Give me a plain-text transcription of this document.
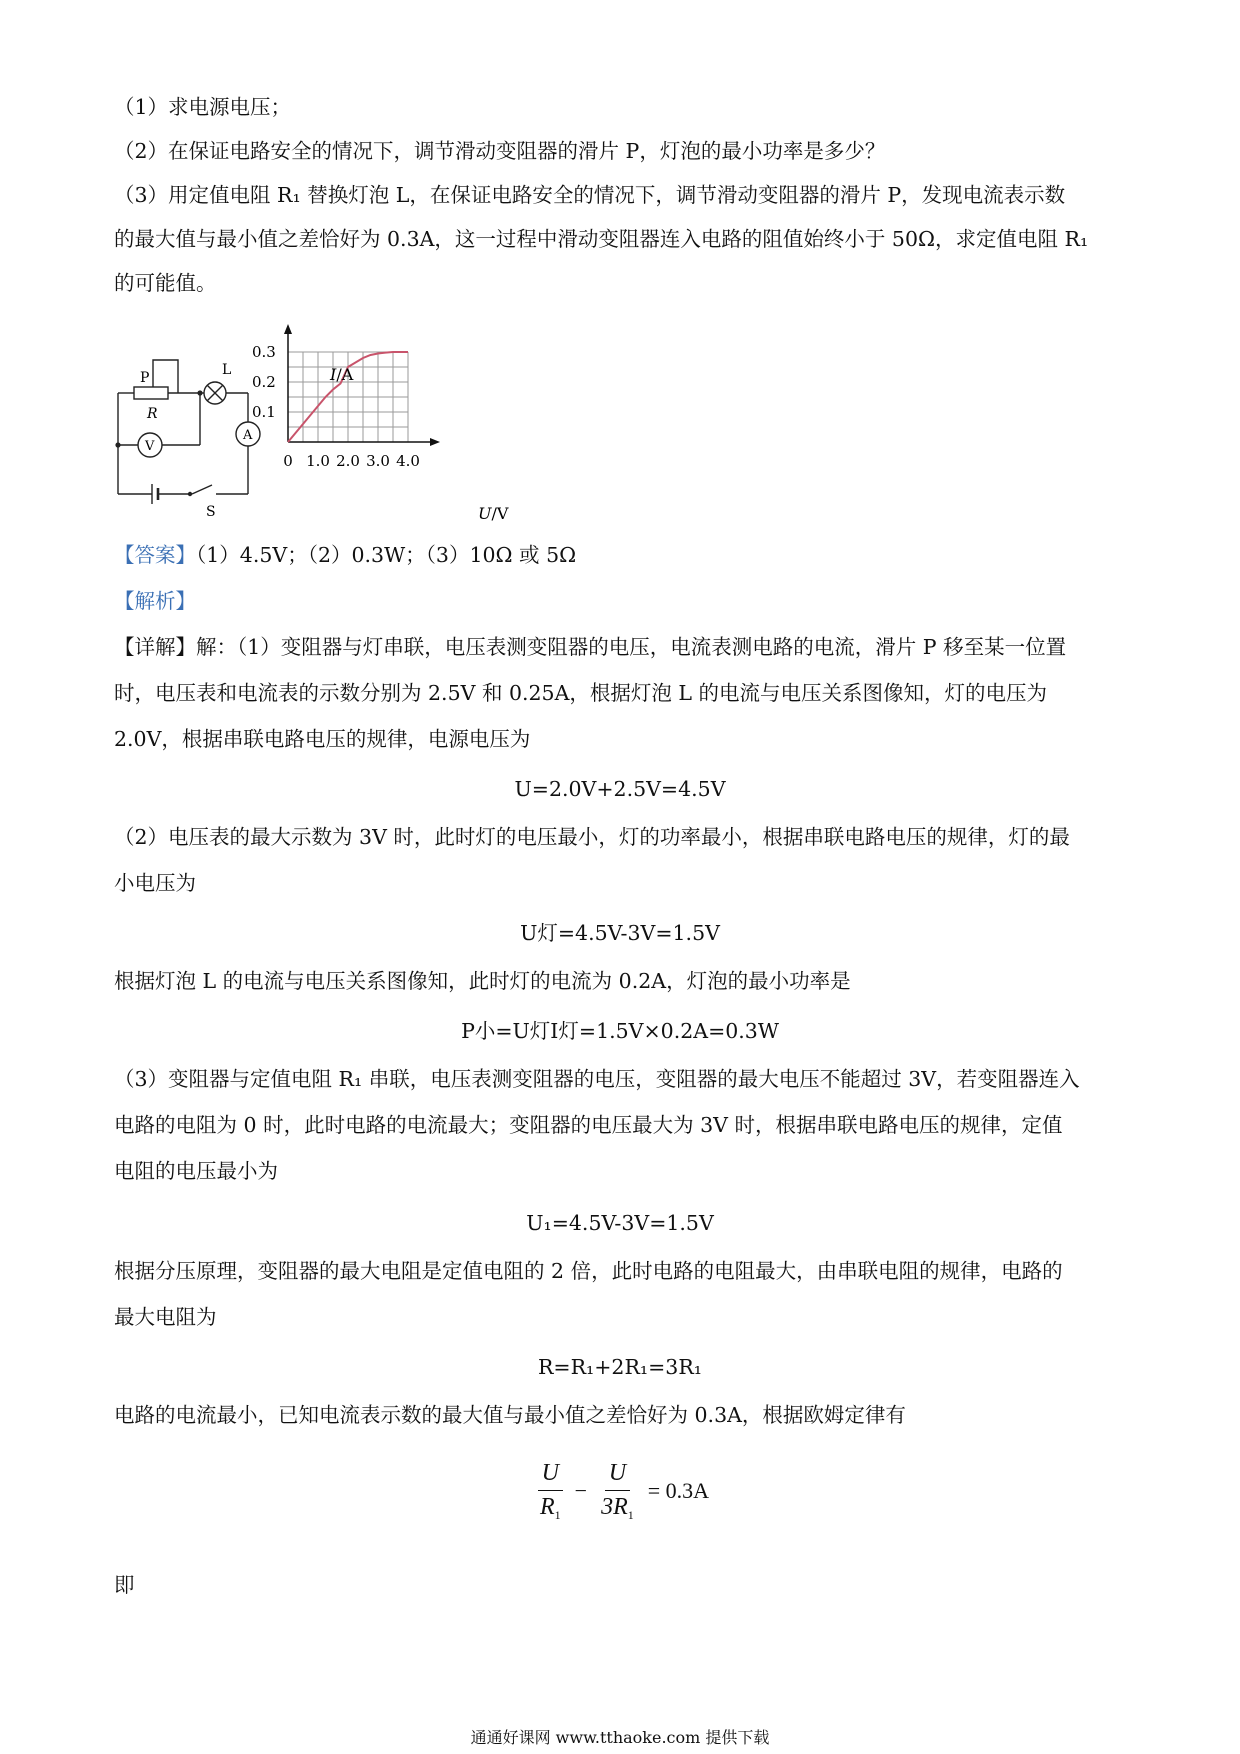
（1）求电源电压；
（2）在保证电路安全的情况下，调节滑动变阻器的滑片 P，灯泡的最小功率是多少？
（3）用定值电阻 R₁ 替换灯泡 L，在保证电路安全的情况下，调节滑动变阻器的滑片 P，发现电流表示数
的最大值与最小值之差恰好为 0.3A，这一过程中滑动变阻器连入电路的阻值始终小于 50Ω，求定值电阻 R₁
的可能值。
P
R
L
V
A
S
0 1.0 2.0 3.0 4.0
0.1
0.2
0.3
I/A
U/V
【答案】（1）4.5V；（2）0.3W；（3）10Ω 或 5Ω
【解析】
【详解】解：（1）变阻器与灯串联，电压表测变阻器的电压，电流表测电路的电流，滑片 P 移至某一位置
时，电压表和电流表的示数分别为 2.5V 和 0.25A，根据灯泡 L 的电流与电压关系图像知，灯的电压为
2.0V，根据串联电路电压的规律，电源电压为
U=2.0V+2.5V=4.5V
（2）电压表的最大示数为 3V 时，此时灯的电压最小，灯的功率最小，根据串联电路电压的规律，灯的最
小电压为
U灯=4.5V-3V=1.5V
根据灯泡 L 的电流与电压关系图像知，此时灯的电流为 0.2A，灯泡的最小功率是
P小=U灯I灯=1.5V×0.2A=0.3W
（3）变阻器与定值电阻 R₁ 串联，电压表测变阻器的电压，变阻器的最大电压不能超过 3V，若变阻器连入
电路的电阻为 0 时，此时电路的电流最大；变阻器的电压最大为 3V 时，根据串联电路电压的规律，定值
电阻的电压最小为
U₁=4.5V-3V=1.5V
根据分压原理，变阻器的最大电阻是定值电阻的 2 倍，此时电路的电阻最大，由串联电阻的规律，电路的
最大电阻为
R=R₁+2R₁=3R₁
电路的电流最小，已知电流表示数的最大值与最小值之差恰好为 0.3A，根据欧姆定律有
$\frac{U}{R_1} - \frac{U}{3R_1} = 0.3A$
即
通通好课网 www.tthaoke.com 提供下载
